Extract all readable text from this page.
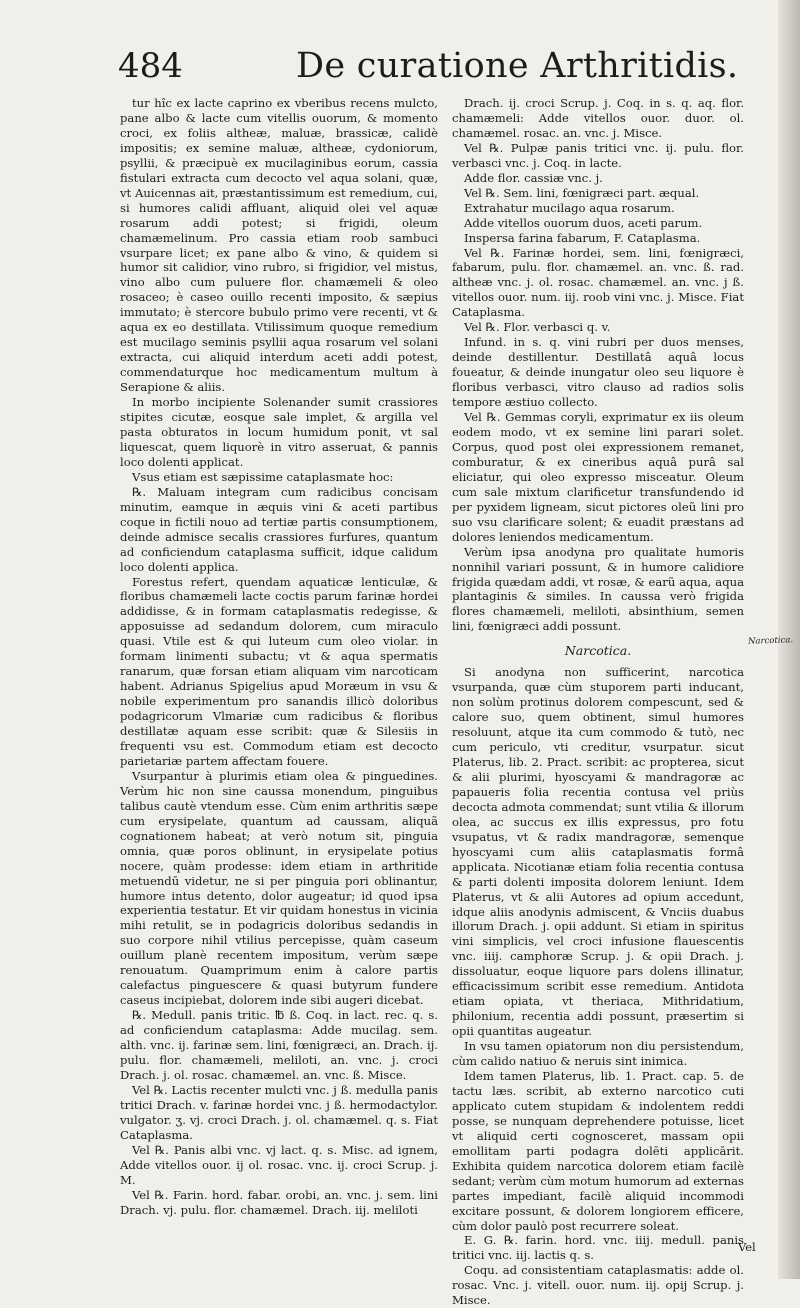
484	De curatione Arthritidis.

tur hîc ex lacte caprino ex vberibus recens mulcto, pane albo & lacte cum vitellis ouorum, & momento croci, ex foliis altheæ, maluæ, brassicæ, calidè impositis; ex semine maluæ, altheæ, cydoniorum, psyllii, & præcipuè ex mucilaginibus eorum, cassia fistulari extracta cum decocto vel aqua solani, quæ, vt Auicennas ait, præstantissimum est remedium, cui, si humores calidi affluant, aliquid olei vel aquæ rosarum addi potest; si frigidi, oleum chamæmelinum. Pro cassia etiam roob sambuci vsurpare licet; ex pane albo & vino, & quidem si humor sit calidior, vino rubro, si frigidior, vel mistus, vino albo cum puluere flor. chamæmeli & oleo rosaceo; è caseo ouillo recenti imposito, & sæpius immutato; è stercore bubulo primo vere recenti, vt & aqua ex eo destillata. Vtilissimum quoque remedium est mucilago seminis psyllii aqua rosarum vel solani extracta, cui aliquid interdum aceti addi potest, commendaturque hoc medicamentum multum à Serapione & aliis.

In morbo incipiente Solenander sumit crassiores stipites cicutæ, eosque sale implet, & argilla vel pasta obturatos in locum humidum ponit, vt sal liquescat, quem liquorè in vitro asseruat, & pannis loco dolenti applicat.

Vsus etiam est sæpissime cataplasmate hoc:

℞. Maluam integram cum radicibus concisam minutim, eamque in æquis vini & aceti partibus coque in fictili nouo ad tertiæ partis consumptionem, deinde admisce secalis crassiores furfures, quantum ad conficiendum cataplasma sufficit, idque calidum loco dolenti applica.

Forestus refert, quendam aquaticæ lenticulæ, & floribus chamæmeli lacte coctis parum farinæ hordei addidisse, & in formam cataplasmatis redegisse, & apposuisse ad sedandum dolorem, cum miraculo quasi. Vtile est & qui luteum cum oleo violar. in formam linimenti subactu; vt & aqua spermatis ranarum, quæ forsan etiam aliquam vim narcoticam habent. Adrianus Spigelius apud Moræum in vsu & nobile experimentum pro sanandis illicò doloribus podagricorum Vlmariæ cum radicibus & floribus destillatæ aquam esse scribit: quæ & Silesiis in frequenti vsu est. Commodum etiam est decocto parietariæ partem affectam fouere.

Vsurpantur à plurimis etiam olea & pinguedines. Verùm hic non sine caussa monendum, pinguibus talibus cautè vtendum esse. Cùm enim arthritis sæpe cum erysipelate, quantum ad caussam, aliquã cognationem habeat; at verò notum sit, pinguia omnia, quæ poros oblinunt, in erysipelate potius nocere, quàm prodesse: idem etiam in arthritide metuendū videtur, ne si per pinguia pori oblinantur, humore intus detento, dolor augeatur; id quod ipsa experientia testatur. Et vir quidam honestus in vicinia mihi retulit, se in podagricis doloribus sedandis in suo corpore nihil vtilius percepisse, quàm caseum ouillum planè recentem impositum, verùm sæpe renouatum. Quamprimum enim à calore partis calefactus pinguescere & quasi butyrum fundere caseus incipiebat, dolorem inde sibi augeri dicebat.

℞. Medull. panis tritic. ℔ ß. Coq. in lact. rec. q. s. ad conficiendum cataplasma: Adde mucilag. sem. alth. vnc. ij. farinæ sem. lini, fœnigræci, an. Drach. ij. pulu. flor. chamæmeli, meliloti, an. vnc. j. croci Drach. j. ol. rosac. chamæmel. an. vnc. ß. Misce.

Vel ℞. Lactis recenter mulcti vnc. j ß. medulla panis tritici Drach. v. farinæ hordei vnc. j ß. hermodactylor. vulgator. ʒ. vj. croci Drach. j. ol. chamæmel. q. s. Fiat Cataplasma.

Vel ℞. Panis albi vnc. vj lact. q. s. Misc. ad ignem, Adde vitellos ouor. ij ol. rosac. vnc. ij. croci Scrup. j. M.

Vel ℞. Farin. hord. fabar. orobi, an. vnc. j. sem. lini Drach. vj. pulu. flor. chamæmel. Drach. iij. meliloti

Drach. ij. croci Scrup. j. Coq. in s. q. aq. flor. chamæmeli: Adde vitellos ouor. duor. ol. chamæmel. rosac. an. vnc. j. Misce.

Vel ℞. Pulpæ panis tritici vnc. ij. pulu. flor. verbasci vnc. j. Coq. in lacte.

Adde flor. cassiæ vnc. j.

Vel ℞. Sem. lini, fœnigræci part. æqual.

Extrahatur mucilago aqua rosarum.

Adde vitellos ouorum duos, aceti parum.

Inspersa farina fabarum, F. Cataplasma.

Vel ℞. Farinæ hordei, sem. lini, fœnigræci, fabarum, pulu. flor. chamæmel. an. vnc. ß. rad. altheæ vnc. j. ol. rosac. chamæmel. an. vnc. j ß. vitellos ouor. num. iij. roob vini vnc. j. Misce. Fiat Cataplasma.

Vel ℞. Flor. verbasci q. v.

Infund. in s. q. vini rubri per duos menses, deinde destillentur. Destillatâ aquâ locus foueatur, & deinde inungatur oleo seu liquore è floribus verbasci, vitro clauso ad radios solis tempore æstiuo collecto.

Vel ℞. Gemmas coryli, exprimatur ex iis oleum eodem modo, vt ex semine lini parari solet. Corpus, quod post olei expressionem remanet, comburatur, & ex cineribus aquâ purâ sal eliciatur, qui oleo expresso misceatur. Oleum cum sale mixtum clarificetur transfundendo id per pyxidem ligneam, sicut pictores oleũ lini pro suo vsu clarificare solent; & euadit præstans ad dolores leniendos medicamentum.

Verùm ipsa anodyna pro qualitate humoris nonnihil variari possunt, & in humore calidiore frigida quædam addi, vt rosæ, & earũ aqua, aqua plantaginis & similes. In caussa verò frigida flores chamæmeli, meliloti, absinthium, semen lini, fœnigræci addi possunt.

Narcotica.

Si anodyna non sufficerint, narcotica vsurpanda, quæ cùm stuporem parti inducant, non solùm protinus dolorem compescunt, sed & calore suo, quem obtinent, simul humores resoluunt, atque ita cum commodo & tutò, nec cum periculo, vti creditur, vsurpatur. sicut Platerus, lib. 2. Pract. scribit: ac propterea, sicut & alii plurimi, hyoscyami & mandragoræ ac papaueris folia recentia contusa vel priùs decocta admota commendat; sunt vtilia & illorum olea, ac succus ex illis expressus, pro fotu vsupatus, vt & radix mandragoræ, semenque hyoscyami cum aliis cataplasmatis formâ applicata. Nicotianæ etiam folia recentia contusa & parti dolenti imposita dolorem leniunt. Idem Platerus, vt & alii Autores ad opium accedunt, idque aliis anodynis admiscent, & Vnciis duabus illorum Drach. j. opii addunt. Si etiam in spiritus vini simplicis, vel croci infusione flauescentis vnc. iiij. camphoræ Scrup. j. & opii Drach. j. dissoluatur, eoque liquore pars dolens illinatur, efficacissimum scribit esse remedium. Antidota etiam opiata, vt theriaca, Mithridatium, philonium, recentia addi possunt, præsertim si opii quantitas augeatur.

In vsu tamen opiatorum non diu persistendum, cùm calido natiuo & neruis sint inimica.

Idem tamen Platerus, lib. 1. Pract. cap. 5. de tactu læs. scribit, ab externo narcotico cuti applicato cutem stupidam & indolentem reddi posse, se nunquam deprehendere potuisse, licet vt aliquid certi cognosceret, massam opii emollitam parti podagra dolēti applicārit. Exhibita quidem narcotica dolorem etiam facilè sedant; verùm cùm motum humorum ad externas partes impediant, facilè aliquid incommodi excitare possunt, & dolorem longiorem efficere, cùm dolor paulò post recurrere soleat.

E. G. ℞. farin. hord. vnc. iiij. medull. panis tritici vnc. iij. lactis q. s.

Coqu. ad consistentiam cataplasmatis: adde ol. rosac. Vnc. j. vitell. ouor. num. iij. opij Scrup. j. Misce.

Narcotica.
Vel
